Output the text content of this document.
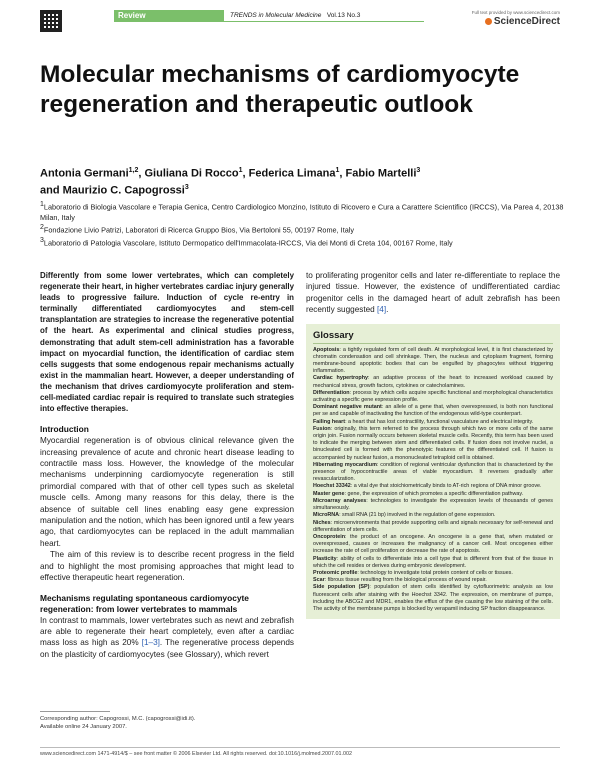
Review	TRENDS in Molecular Medicine Vol.13 No.3	Full text provided by www.sciencedirect.com
ScienceDirect
Molecular mechanisms of cardiomyocyte regeneration and therapeutic outlook
Antonia Germani$^{1,2}$, Giuliana Di Rocco$^1$, Federica Limana$^1$, Fabio Martelli$^3$
and Maurizio C. Capogrossi$^3$
$^1$Laboratorio di Biologia Vascolare e Terapia Genica, Centro Cardiologico Monzino, Istituto di Ricovero e Cura a Carattere Scientifico (IRCCS), Via Parea 4, 20138 Milan, Italy
$^2$Fondazione Livio Patrizi, Laboratori di Ricerca Gruppo Bios, Via Bertoloni 55, 00197 Rome, Italy
$^3$Laboratorio di Patologia Vascolare, Istituto Dermopatico dell'Immacolata-IRCCS, Via dei Monti di Creta 104, 00167 Rome, Italy

Differently from some lower vertebrates, which can completely regenerate their heart, in higher vertebrates cardiac injury generally leads to progressive failure. Induction of cycle re-entry in terminally differentiated cardiomyocytes and stem-cell transplantation are strategies to increase the regenerative potential of the heart. As experimental and clinical studies progress, demonstrating that adult stem-cell administration has a favorable impact on myocardial function, the identification of cardiac stem cells suggests that some endogenous repair mechanisms actually exist in the mammalian heart. However, a deeper understanding of the mechanism that drives cardiomyocyte proliferation and stem-cell-mediated cardiac repair is required to translate such strategies into effective therapies.

Introduction

Myocardial regeneration is of obvious clinical relevance given the increasing prevalence of acute and chronic heart disease leading to contractile mass loss. However, the knowledge of the molecular mechanisms underpinning cardiomyocyte regeneration is still primordial compared with that of other cell types such as skeletal muscle cells. Among many reasons for this delay, there is the absence of suitable cell lines enabling easy gene expression manipulation and the notion, which has been ignored until a few years ago, that cardiomyocytes can be replaced in the adult mammalian heart.

The aim of this review is to describe recent progress in the field and to highlight the most promising approaches that might lead to effective therapeutic heart regeneration.

Mechanisms regulating spontaneous cardiomyocyte regeneration: from lower vertebrates to mammals

In contrast to mammals, lower vertebrates such as newt and zebrafish are able to regenerate their heart completely, even after a cardiac mass loss as high as 20% [1–3]. The regenerative process depends on the plasticity of cardiomyocytes (see Glossary), which revert

Corresponding author: Capogrossi, M.C. (capogrossi@idi.it).
Available online 24 January 2007.

to proliferating progenitor cells and later re-differentiate to replace the injured tissue. However, the existence of undifferentiated cardiac progenitor cells in the damaged heart of adult zebrafish has been recently suggested [4].

Glossary

Apoptosis: a tightly regulated form of cell death. At morphological level, it is first characterized by chromatin condensation and cell shrinkage. Then, the nucleus and cytoplasm fragment, forming membrane-bound apoptotic bodies that can be engulfed by phagocytes without triggering inflammation.

Cardiac hypertrophy: an adaptive process of the heart to increased workload caused by mechanical stress, growth factors, cytokines or catecholamines.

Differentiation: process by which cells acquire specific functional and morphological characteristics activating a specific gene expression profile.

Dominant negative mutant: an allele of a gene that, when overexpressed, is both non functional per se and capable of inactivating the function of the endogenous wild-type counterpart.

Failing heart: a heart that has lost contractility, functional vasculature and electrical integrity.

Fusion: originally, this term referred to the process through which two or more cells of the same origin join. Fusion normally occurs between skeletal muscle cells. Recently, this term has been used to indicate the merging between stem and differentiated cells. If fusion does not involve nuclei, a binucleated cell is formed with the phenotypic features of the differentiated cell. If fusion is accompanied by nuclear fusion, a mononucleated tetraploid cell is obtained.

Hibernating myocardium: condition of regional ventricular dysfunction that is characterized by the presence of hypocontractile areas of viable myocardium. It reverses gradually after revascularization.

Hoechst 33342: a vital dye that stoichiometrically binds to AT-rich regions of DNA minor groove.

Master gene: gene, the expression of which promotes a specific differentiation pathway.

Microarray analyses: technologies to investigate the expression levels of thousands of genes simultaneously.

MicroRNA: small RNA (21 bp) involved in the regulation of gene expression.

Niches: microenvironments that provide supporting cells and signals necessary for self-renewal and differentiation of stem cells.

Oncoprotein: the product of an oncogene. An oncogene is a gene that, when mutated or overexpressed, causes or increases the malignancy of a cancer cell. Most oncogenes either increase the rate of cell proliferation or decrease the rate of apoptosis.

Plasticity: ability of cells to differentiate into a cell type that is different from that of the tissue in which the cell resides or derives during embryonic development.

Proteomic profile: technology to investigate total protein content of cells or tissues.

Scar: fibrous tissue resulting from the biological process of wound repair.

Side population (SP): population of stem cells identified by cytofluorimetric analysis as low fluorescent cells after staining with the Hoechst 3342. The expression, on membrane of pumps, including the ABCG2 and MDR1, enables the efflux of the dye causing the low staining of the cells. The activity of the membrane pumps is blocked by verapamil inducing SP fraction disappearance.

www.sciencedirect.com 1471-4914/$ – see front matter © 2006 Elsevier Ltd. All rights reserved. doi:10.1016/j.molmed.2007.01.002
